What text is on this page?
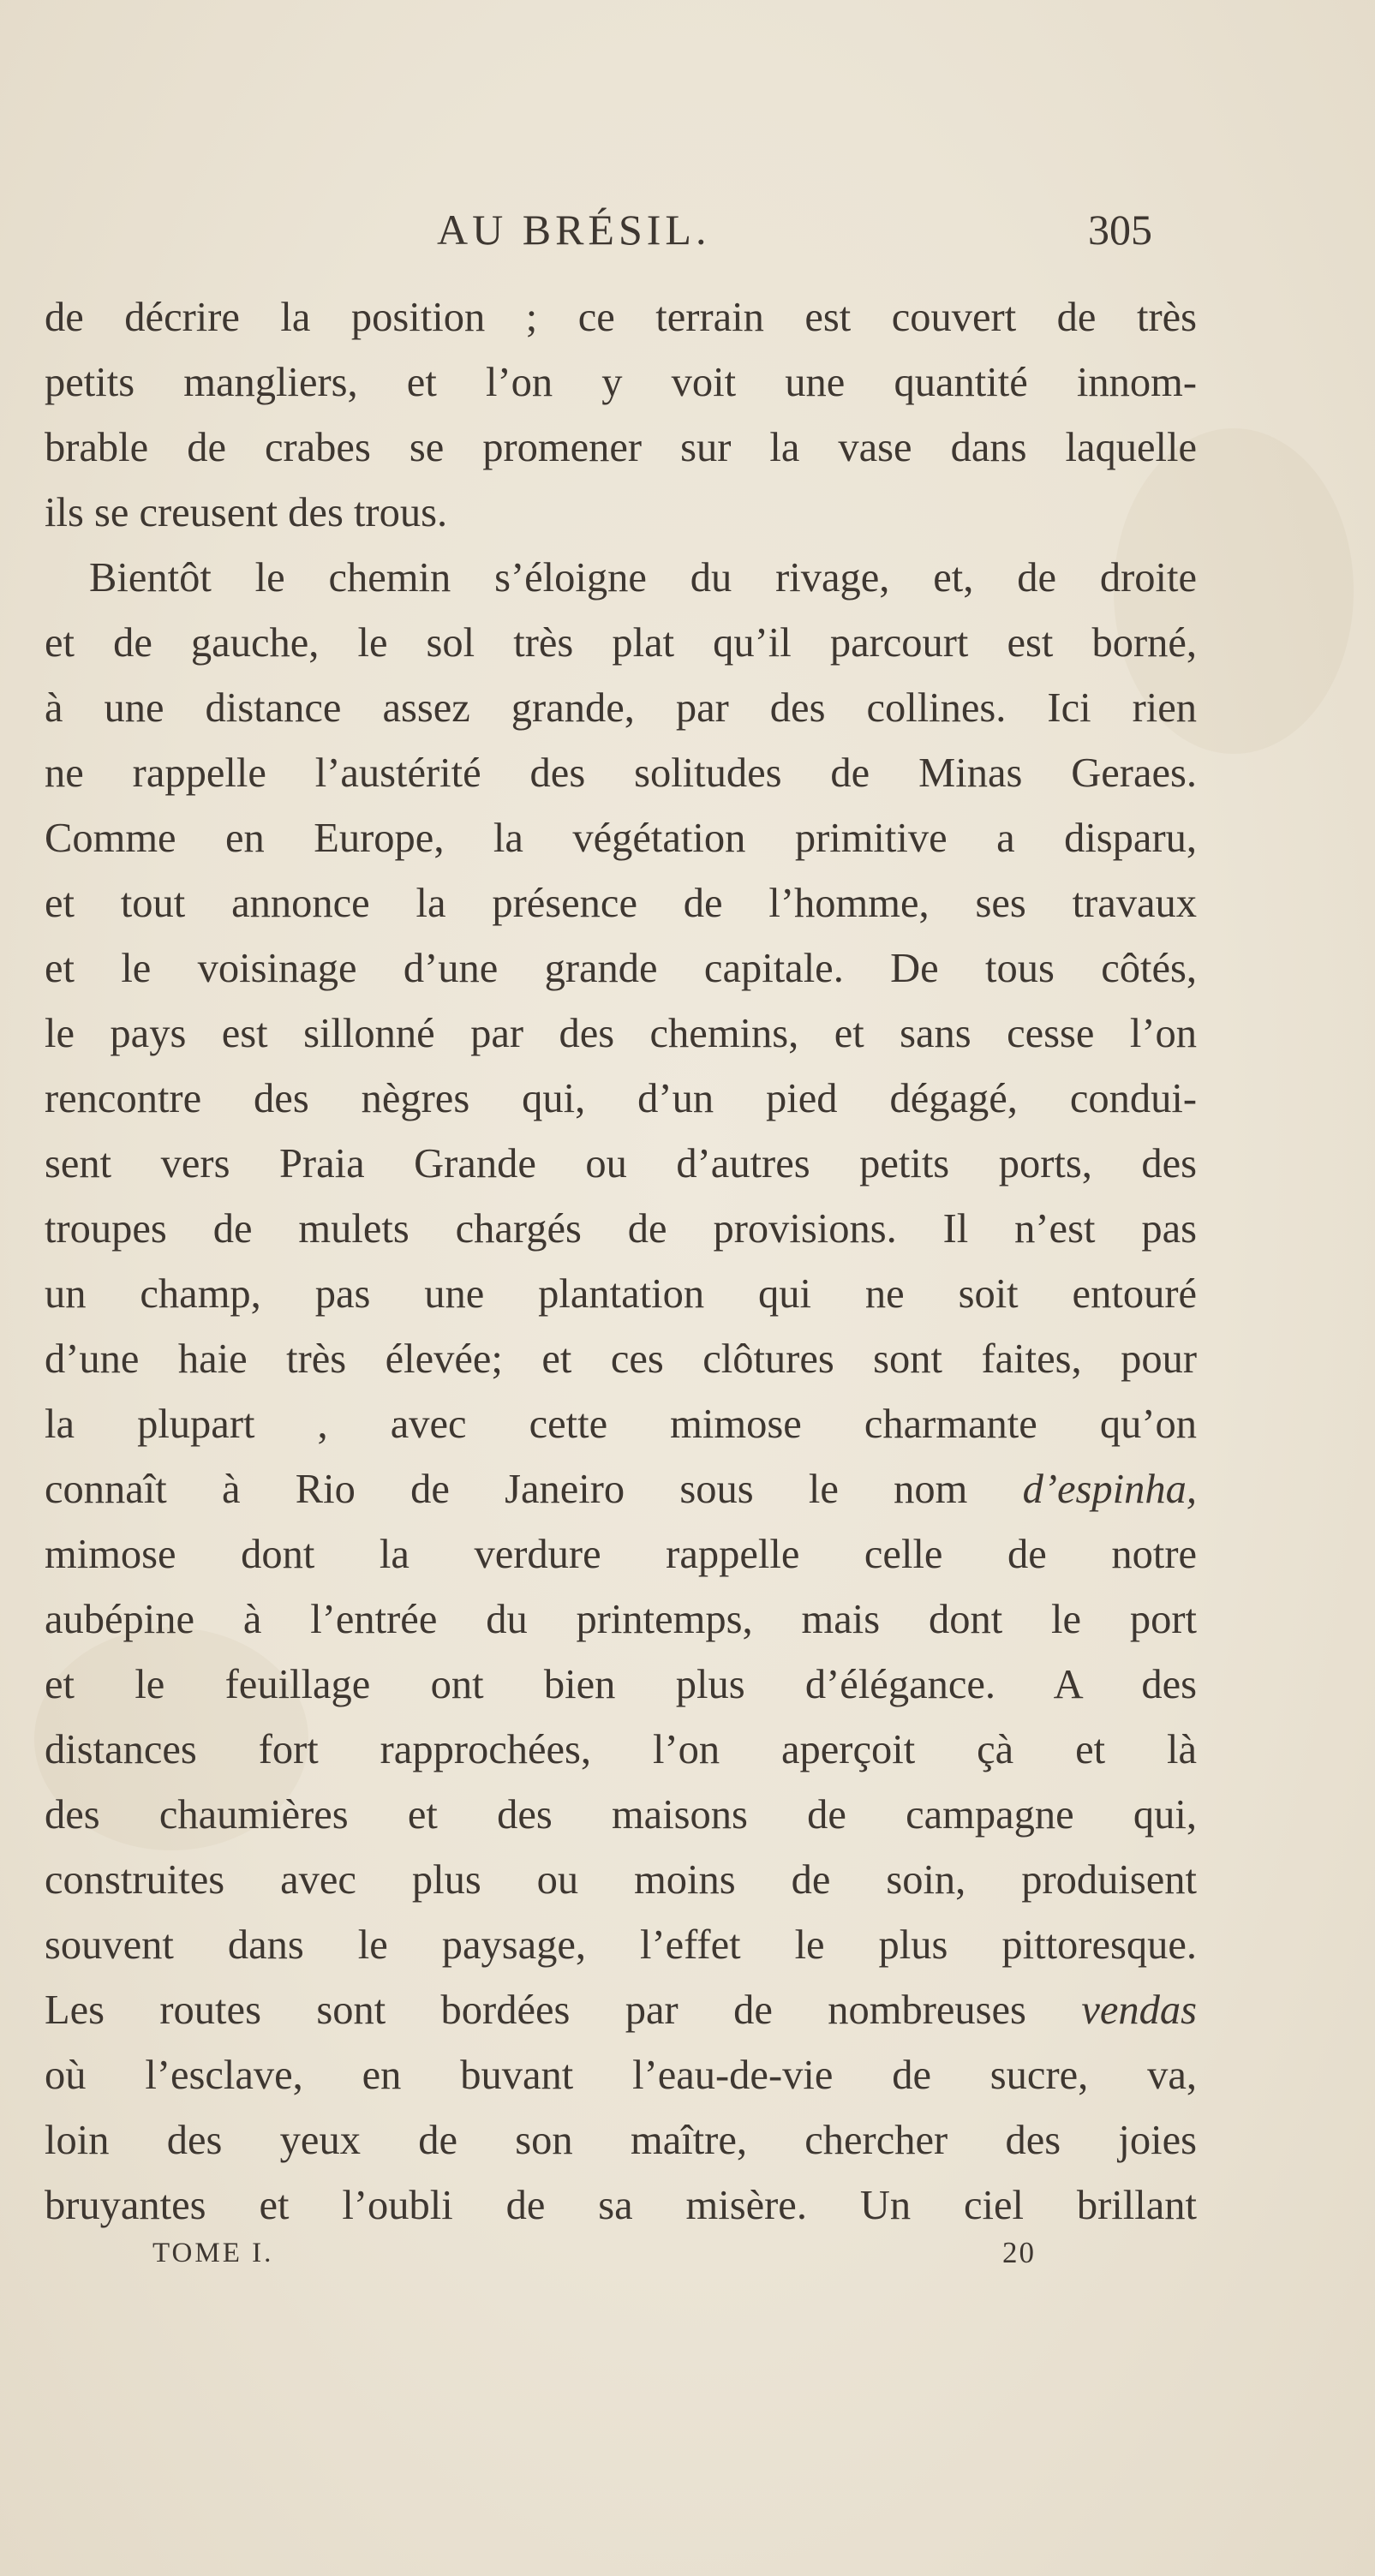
AU BRÉSIL.	305
de décrire la position ; ce terrain est couvert de très
petits mangliers, et l’on y voit une quantité innom-
brable de crabes se promener sur la vase dans laquelle
ils se creusent des trous.
Bientôt le chemin s’éloigne du rivage, et, de droite
et de gauche, le sol très plat qu’il parcourt est borné,
à une distance assez grande, par des collines. Ici rien
ne rappelle l’austérité des solitudes de Minas Geraes.
Comme en Europe, la végétation primitive a disparu,
et tout annonce la présence de l’homme, ses travaux
et le voisinage d’une grande capitale. De tous côtés,
le pays est sillonné par des chemins, et sans cesse l’on
rencontre des nègres qui, d’un pied dégagé, condui-
sent vers Praia Grande ou d’autres petits ports, des
troupes de mulets chargés de provisions. Il n’est pas
un champ, pas une plantation qui ne soit entouré
d’une haie très élevée; et ces clôtures sont faites, pour
la plupart , avec cette mimose charmante qu’on
connaît à Rio de Janeiro sous le nom d’espinha,
mimose dont la verdure rappelle celle de notre
aubépine à l’entrée du printemps, mais dont le port
et le feuillage ont bien plus d’élégance. A des
distances fort rapprochées, l’on aperçoit çà et là
des chaumières et des maisons de campagne qui,
construites avec plus ou moins de soin, produisent
souvent dans le paysage, l’effet le plus pittoresque.
Les routes sont bordées par de nombreuses vendas
où l’esclave, en buvant l’eau-de-vie de sucre, va,
loin des yeux de son maître, chercher des joies
bruyantes et l’oubli de sa misère. Un ciel brillant
TOME I.	20
